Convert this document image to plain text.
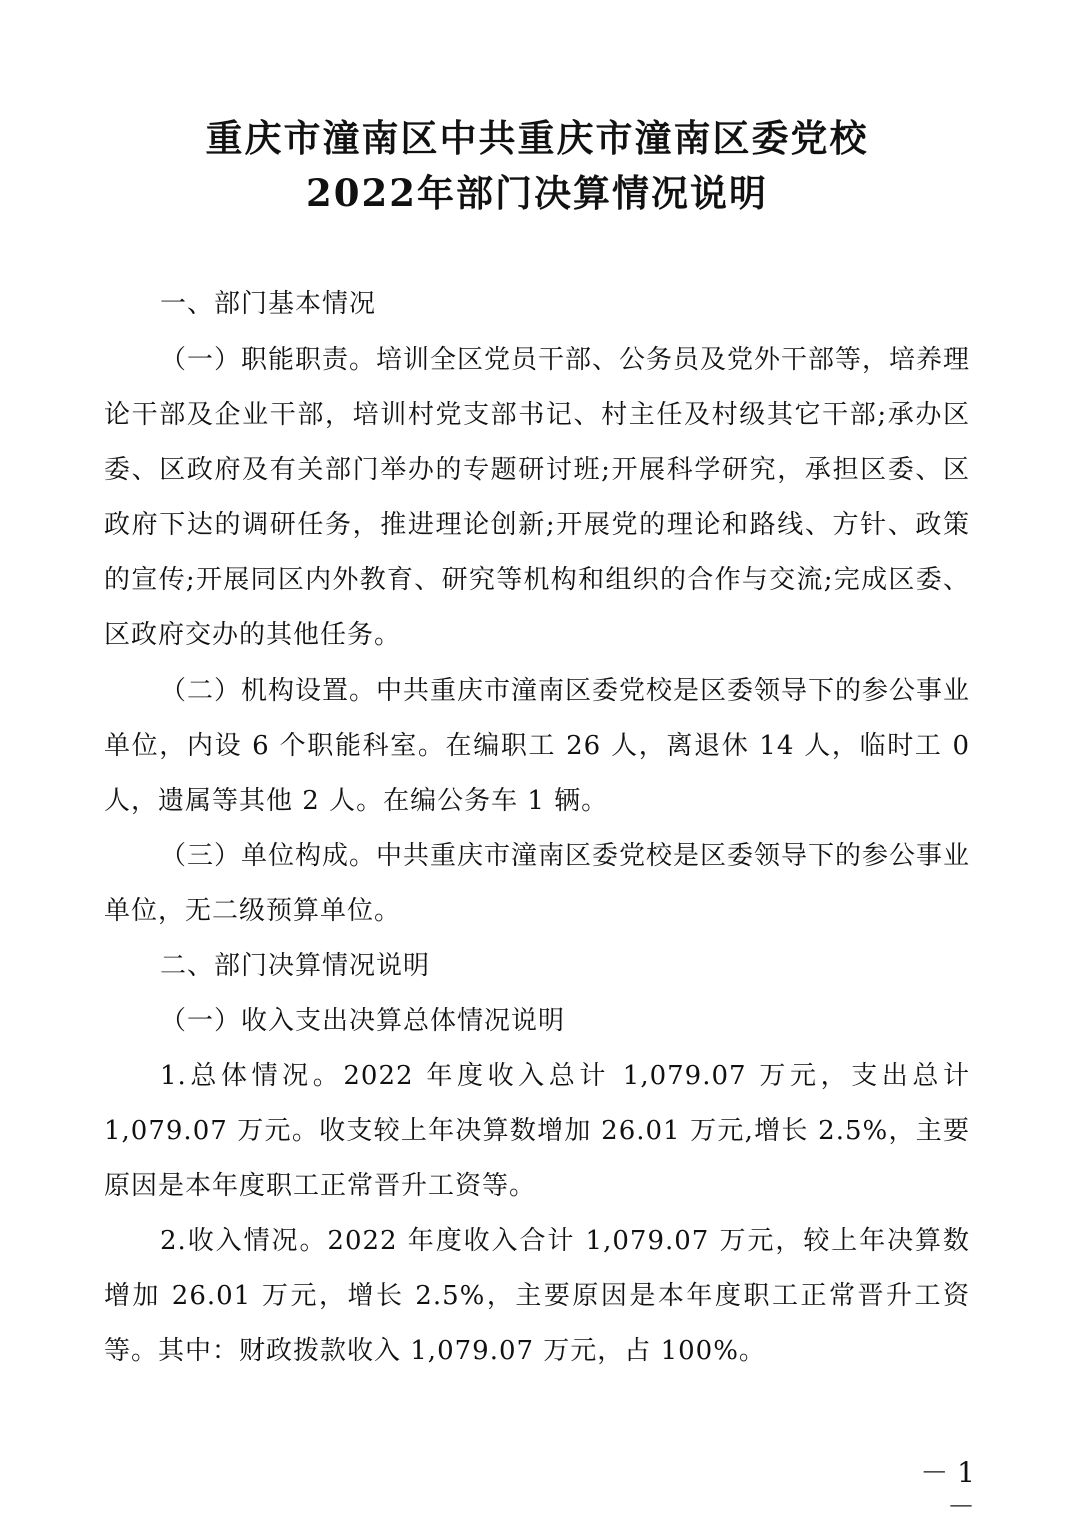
重庆市潼南区中共重庆市潼南区委党校
2022年部门决算情况说明

一、部门基本情况

（一）职能职责。培训全区党员干部、公务员及党外干部等，培养理论干部及企业干部，培训村党支部书记、村主任及村级其它干部;承办区委、区政府及有关部门举办的专题研讨班;开展科学研究，承担区委、区政府下达的调研任务，推进理论创新;开展党的理论和路线、方针、政策的宣传;开展同区内外教育、研究等机构和组织的合作与交流;完成区委、区政府交办的其他任务。

（二）机构设置。中共重庆市潼南区委党校是区委领导下的参公事业单位，内设 6 个职能科室。在编职工 26 人，离退休 14 人，临时工 0 人，遗属等其他 2 人。在编公务车 1 辆。

（三）单位构成。中共重庆市潼南区委党校是区委领导下的参公事业单位，无二级预算单位。

二、部门决算情况说明

（一）收入支出决算总体情况说明

1.总体情况。2022 年度收入总计 1,079.07 万元，支出总计 1,079.07 万元。收支较上年决算数增加 26.01 万元,增长 2.5%，主要原因是本年度职工正常晋升工资等。

2.收入情况。2022 年度收入合计 1,079.07 万元，较上年决算数增加 26.01 万元，增长 2.5%，主要原因是本年度职工正常晋升工资等。其中：财政拨款收入 1,079.07 万元，占 100%。

－ 1 －
